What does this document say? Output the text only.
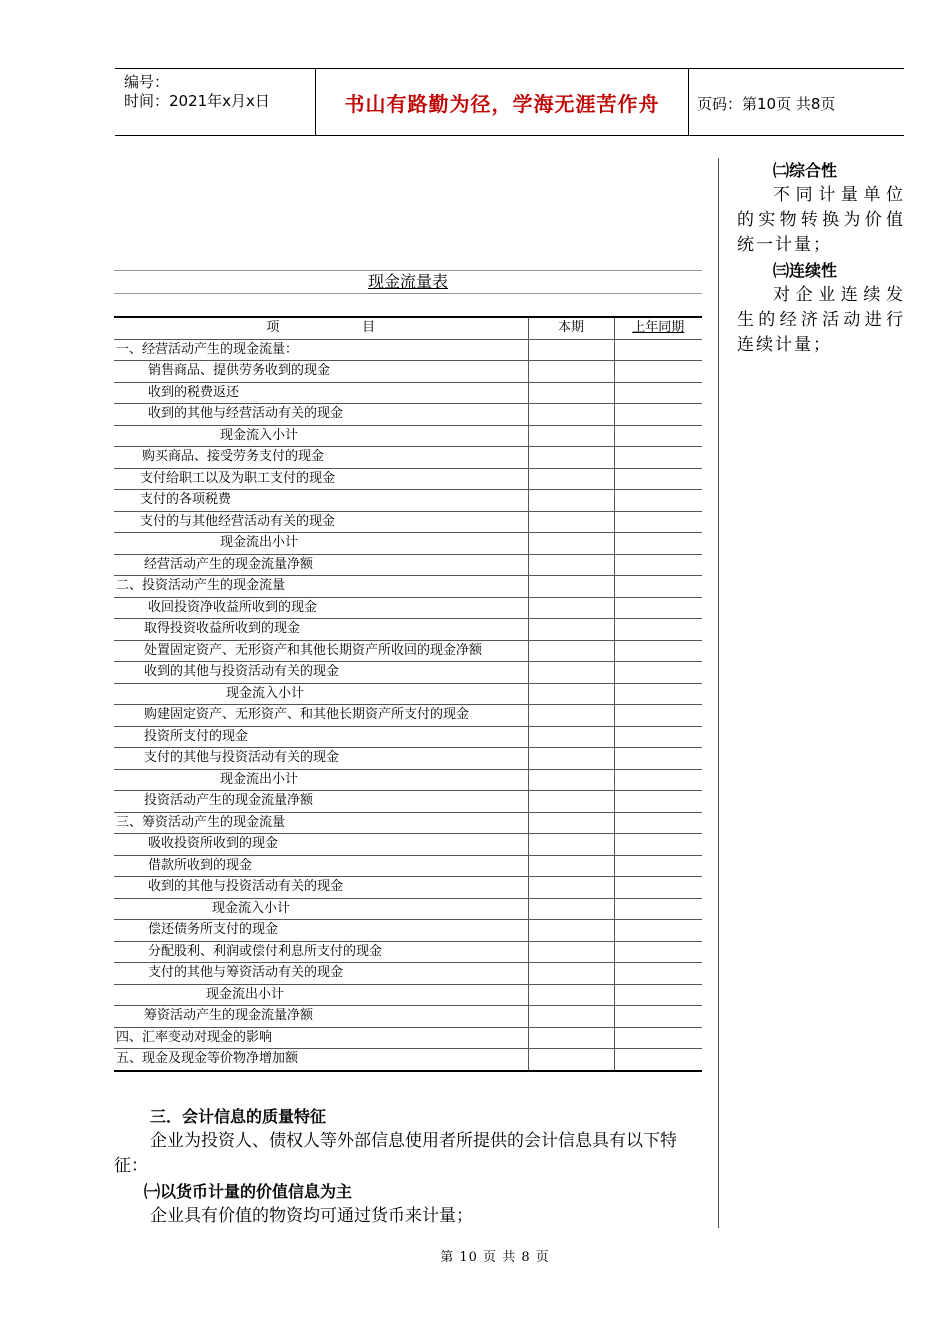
编号：
时间：2021年x月x日	书山有路勤为径，学海无涯苦作舟	页码：第10页 共8页

㈡综合性

不同计量单位的实物转换为价值统一计量；

㈢连续性

对企业连续发生的经济活动进行连续计量；

现金流量表		

项                    目	本期	上年同期
一、经营活动产生的现金流量：		
销售商品、提供劳务收到的现金		
收到的税费返还		
收到的其他与经营活动有关的现金		
现金流入小计		
购买商品、接受劳务支付的现金		
支付给职工以及为职工支付的现金		
支付的各项税费		
支付的与其他经营活动有关的现金		
现金流出小计		
经营活动产生的现金流量净额		
二、投资活动产生的现金流量		
收回投资净收益所收到的现金		
取得投资收益所收到的现金		
处置固定资产、无形资产和其他长期资产所收回的现金净额		
收到的其他与投资活动有关的现金		
现金流入小计		
购建固定资产、无形资产、和其他长期资产所支付的现金		
投资所支付的现金		
支付的其他与投资活动有关的现金		
现金流出小计		
投资活动产生的现金流量净额		
三、筹资活动产生的现金流量		
吸收投资所收到的现金		
借款所收到的现金		
收到的其他与投资活动有关的现金		
现金流入小计		
偿还债务所支付的现金		
分配股利、利润或偿付利息所支付的现金		
支付的其他与筹资活动有关的现金		
现金流出小计		
筹资活动产生的现金流量净额		
四、汇率变动对现金的影响		
五、现金及现金等价物净增加额		

三．会计信息的质量特征

企业为投资人、债权人等外部信息使用者所提供的会计信息具有以下特征：

㈠以货币计量的价值信息为主

企业具有价值的物资均可通过货币来计量；

第 10 页 共 8 页
